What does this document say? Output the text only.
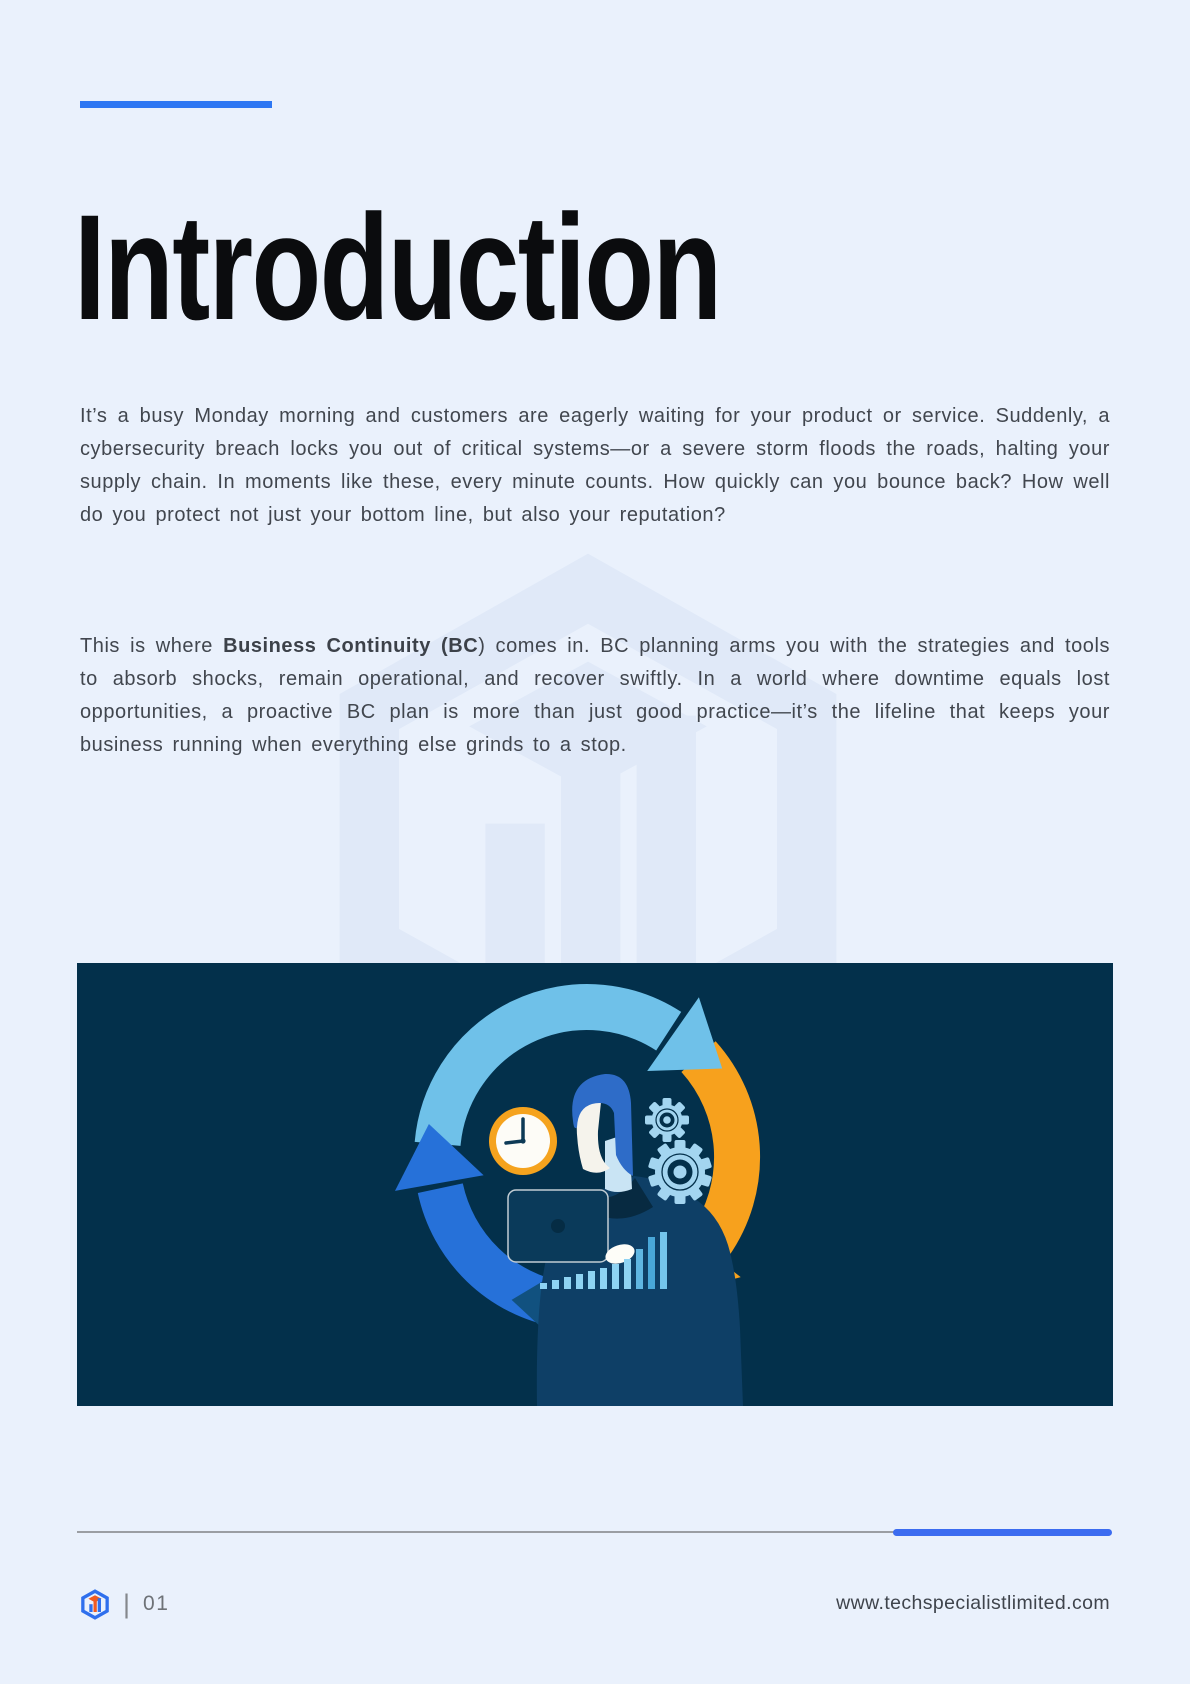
Introduction

It’s a busy Monday morning and customers are eagerly waiting for your product or service. Suddenly, a cybersecurity breach locks you out of critical systems—or a severe storm floods the roads, halting your supply chain. In moments like these, every minute counts. How quickly can you bounce back? How well do you protect not just your bottom line, but also your reputation?

This is where Business Continuity (BC) comes in. BC planning arms you with the strategies and tools to absorb shocks, remain operational, and recover swiftly. In a world where downtime equals lost opportunities, a proactive BC plan is more than just good practice—it’s the lifeline that keeps your business running when everything else grinds to a stop.

| 01	www.techspecialistlimited.com
